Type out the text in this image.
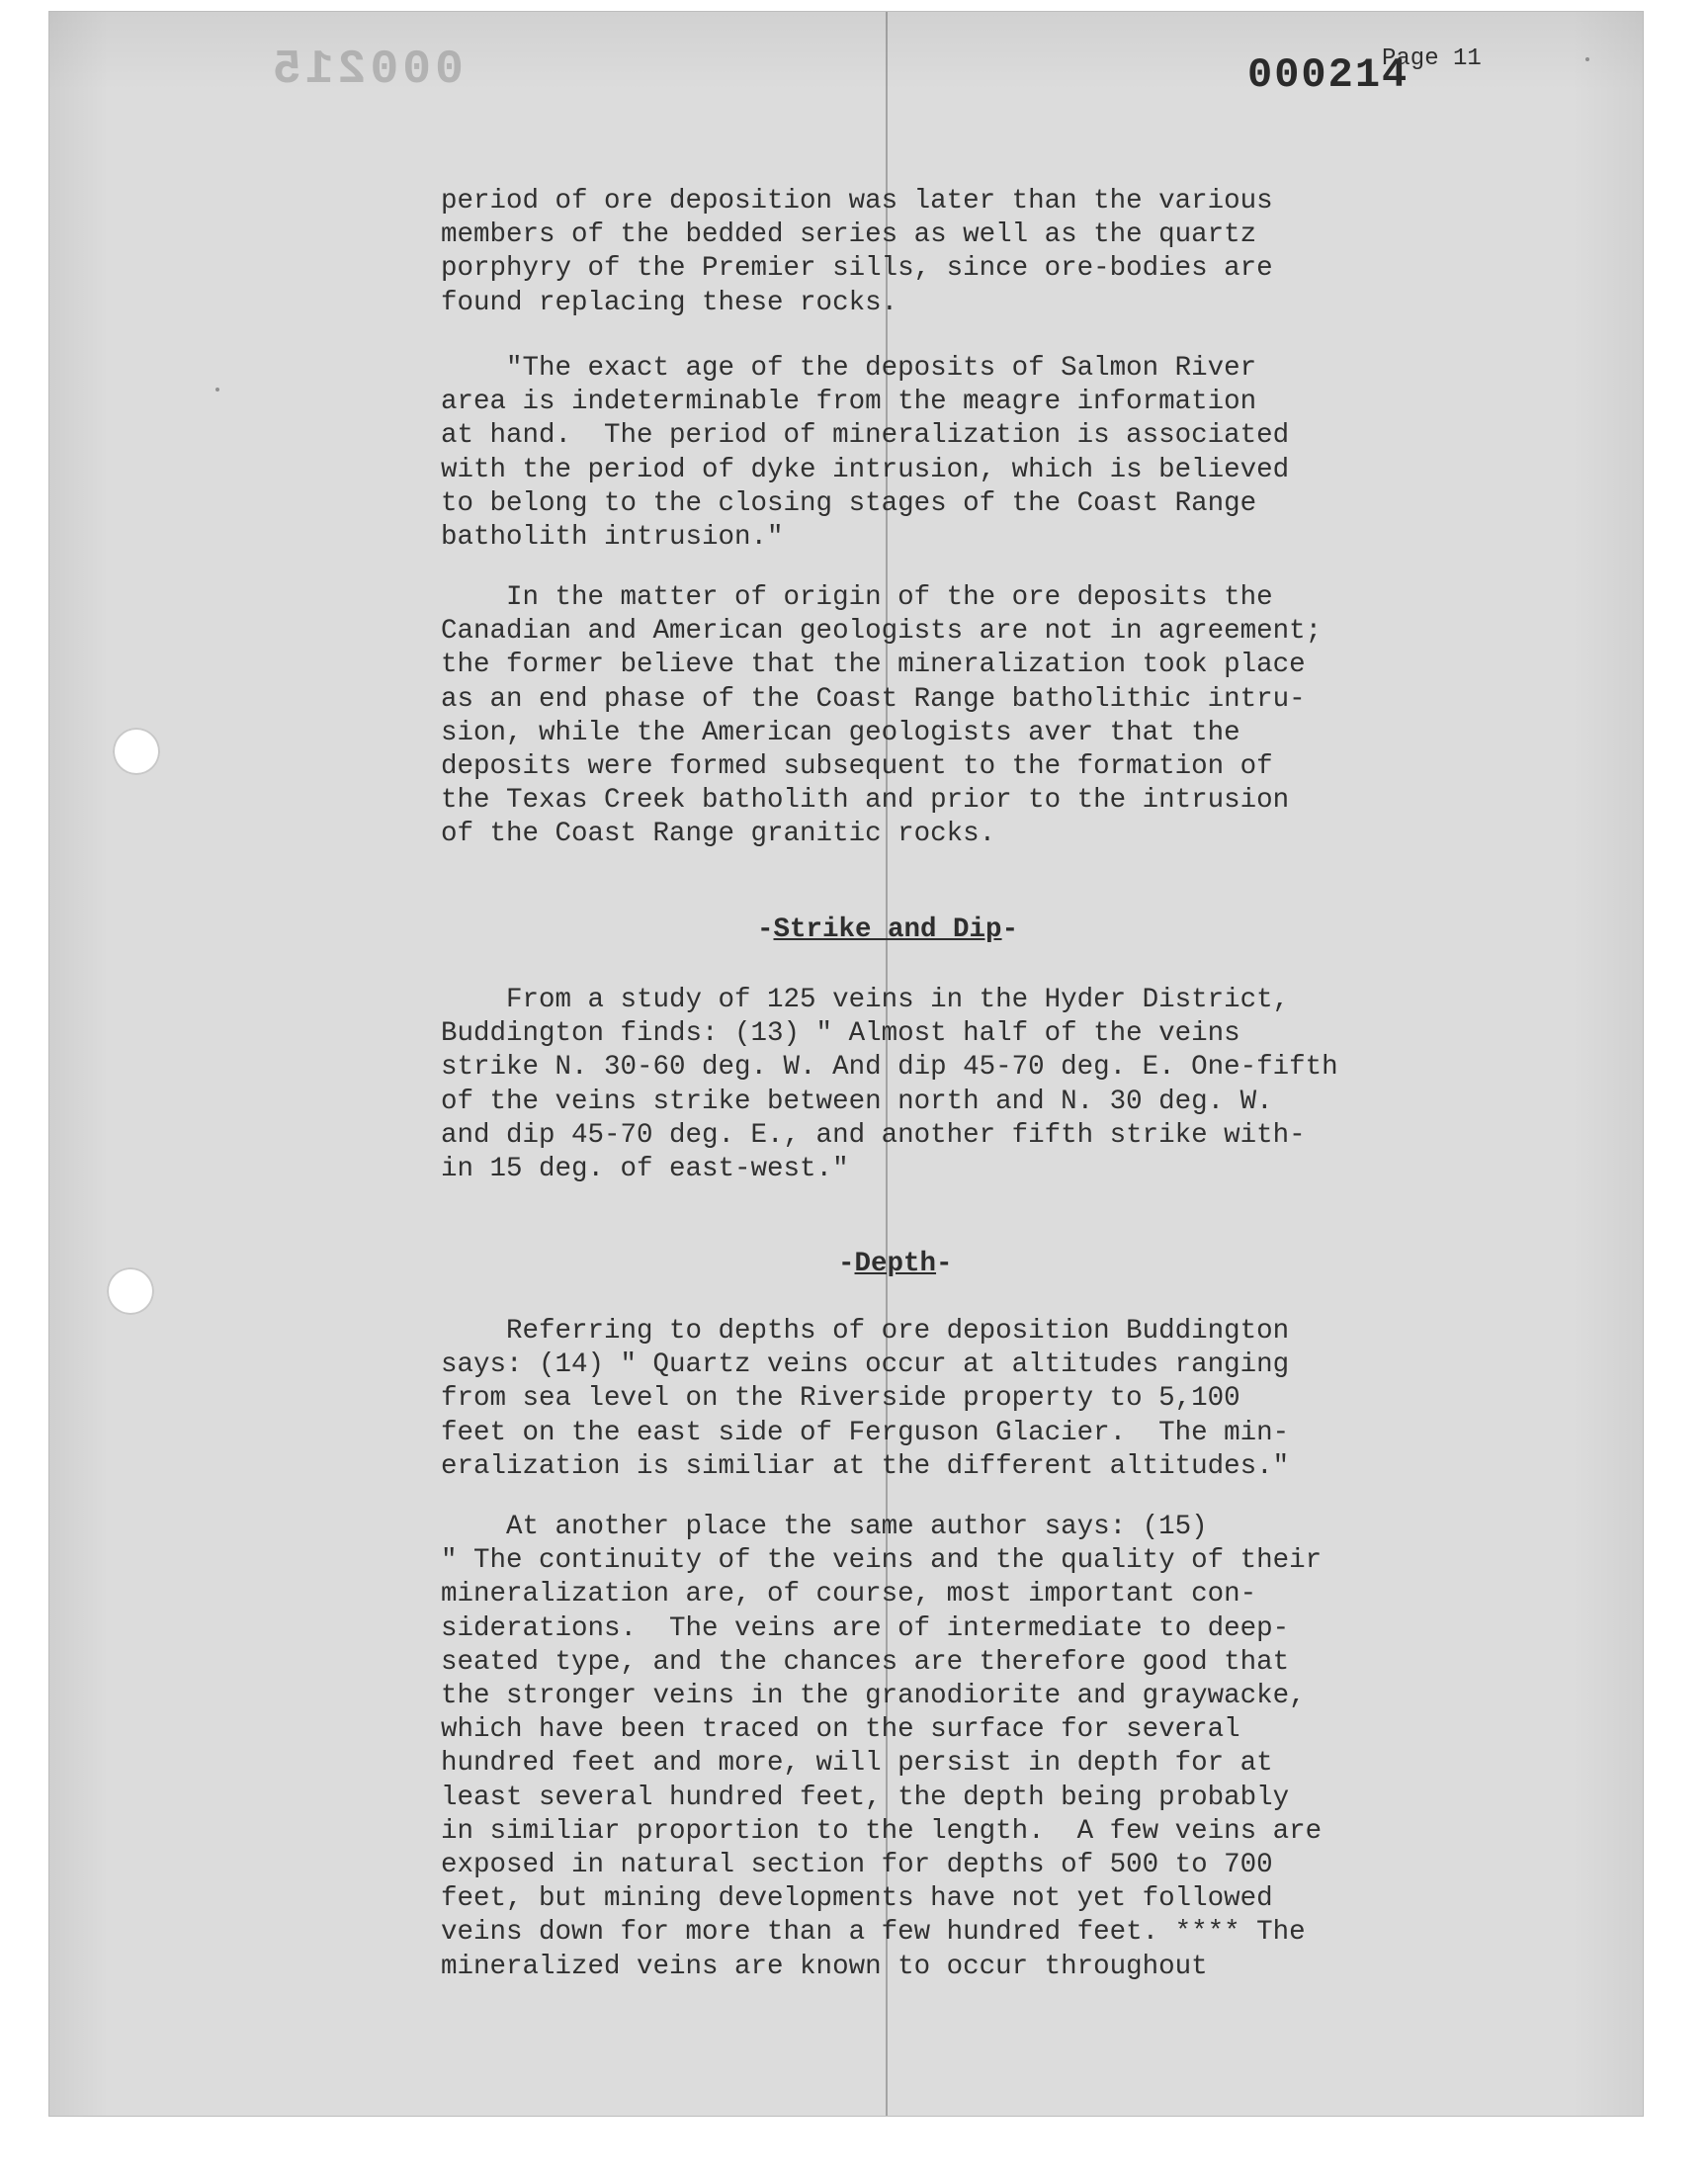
000215	000214
Page 11

period of ore deposition was later than the various
members of the bedded series as well as the quartz
porphyry of the Premier sills, since ore-bodies are
found replacing these rocks.

"The exact age of the deposits of Salmon River
area is indeterminable from the meagre information
at hand.  The period of mineralization is associated
with the period of dyke intrusion, which is believed
to belong to the closing stages of the Coast Range
batholith intrusion."

In the matter of origin of the ore deposits the
Canadian and American geologists are not in agreement;
the former believe that the mineralization took place
as an end phase of the Coast Range batholithic intru-
sion, while the American geologists aver that the
deposits were formed subsequent to the formation of
the Texas Creek batholith and prior to the intrusion
of the Coast Range granitic rocks.

-Strike and Dip-

From a study of 125 veins in the Hyder District,
Buddington finds: (13) " Almost half of the veins
strike N. 30-60 deg. W. And dip 45-70 deg. E. One-fifth
of the veins strike between north and N. 30 deg. W.
and dip 45-70 deg. E., and another fifth strike with-
in 15 deg. of east-west."

-Depth-

Referring to depths of ore deposition Buddington
says: (14) " Quartz veins occur at altitudes ranging
from sea level on the Riverside property to 5,100
feet on the east side of Ferguson Glacier.  The min-
eralization is similiar at the different altitudes."

At another place the same author says: (15)
" The continuity of the veins and the quality of their
mineralization are, of course, most important con-
siderations.  The veins are of intermediate to deep-
seated type, and the chances are therefore good that
the stronger veins in the granodiorite and graywacke,
which have been traced on the surface for several
hundred feet and more, will persist in depth for at
least several hundred feet, the depth being probably
in similiar proportion to the length.  A few veins are
exposed in natural section for depths of 500 to 700
feet, but mining developments have not yet followed
veins down for more than a few hundred feet. **** The
mineralized veins are known to occur throughout
